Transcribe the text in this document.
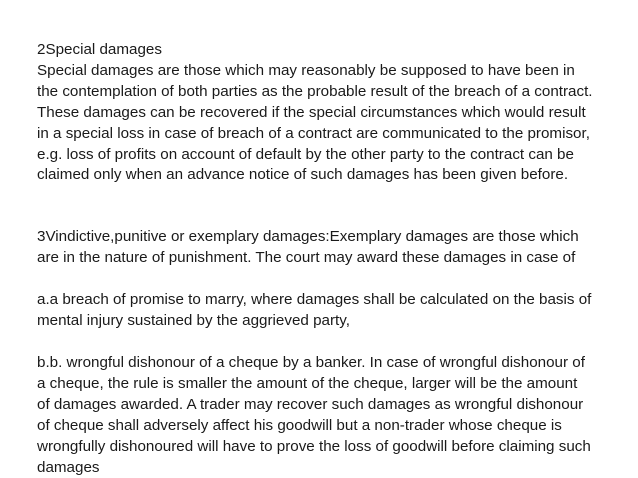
2Special damages
Special damages are those which may reasonably be supposed to have been in
the contemplation of both parties as the probable result of the breach of a contract.
These damages can be recovered if the special circumstances which would result
in a special loss in case of breach of a contract are communicated to the promisor,
e.g. loss of profits on account of default by the other party to the contract can be
claimed only when an advance notice of such damages has been given before.
3Vindictive,punitive or exemplary damages:Exemplary damages are those which
are in the nature of punishment. The court may award these damages in case of
a.a breach of promise to marry, where damages shall be calculated on the basis of
mental injury sustained by the aggrieved party,
b.b. wrongful dishonour of a cheque by a banker. In case of wrongful dishonour of
a cheque, the rule is smaller the amount of the cheque, larger will be the amount
of damages awarded. A trader may recover such damages as wrongful dishonour
of cheque shall adversely affect his goodwill but a non-trader whose cheque is
wrongfully dishonoured will have to prove the loss of goodwill before claiming such
damages
